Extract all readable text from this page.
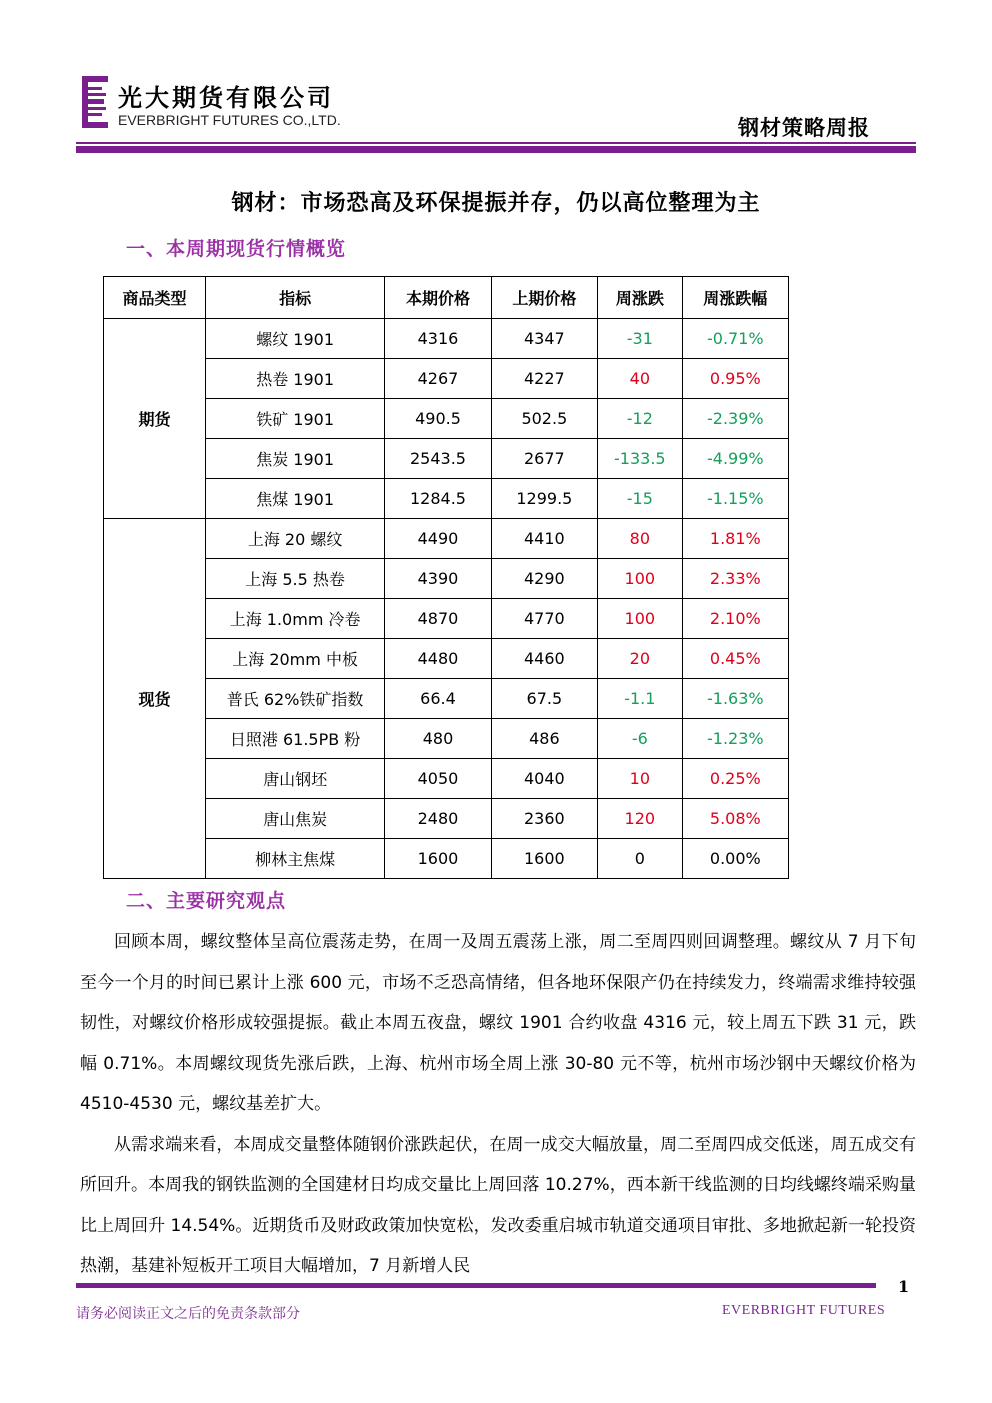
光大期货有限公司
EVERBRIGHT FUTURES CO.,LTD.	钢材策略周报
钢材：市场恐高及环保提振并存，仍以高位整理为主
一、本周期现货行情概览
商品类型	指标	本期价格	上期价格	周涨跌	周涨跌幅
期货	螺纹 1901	4316	4347	-31	-0.71%
	热卷 1901	4267	4227	40	0.95%
	铁矿 1901	490.5	502.5	-12	-2.39%
	焦炭 1901	2543.5	2677	-133.5	-4.99%
	焦煤 1901	1284.5	1299.5	-15	-1.15%
现货	上海 20 螺纹	4490	4410	80	1.81%
	上海 5.5 热卷	4390	4290	100	2.33%
	上海 1.0mm 冷卷	4870	4770	100	2.10%
	上海 20mm 中板	4480	4460	20	0.45%
	普氏 62%铁矿指数	66.4	67.5	-1.1	-1.63%
	日照港 61.5PB 粉	480	486	-6	-1.23%
	唐山钢坯	4050	4040	10	0.25%
	唐山焦炭	2480	2360	120	5.08%
	柳林主焦煤	1600	1600	0	0.00%
二、主要研究观点

回顾本周，螺纹整体呈高位震荡走势，在周一及周五震荡上涨，周二至周四则回调整理。螺纹从 7 月下旬至今一个月的时间已累计上涨 600 元，市场不乏恐高情绪，但各地环保限产仍在持续发力，终端需求维持较强韧性，对螺纹价格形成较强提振。截止本周五夜盘，螺纹 1901 合约收盘 4316 元，较上周五下跌 31 元，跌幅 0.71%。本周螺纹现货先涨后跌，上海、杭州市场全周上涨 30-80 元不等，杭州市场沙钢中天螺纹价格为 4510-4530 元，螺纹基差扩大。

从需求端来看，本周成交量整体随钢价涨跌起伏，在周一成交大幅放量，周二至周四成交低迷，周五成交有所回升。本周我的钢铁监测的全国建材日均成交量比上周回落 10.27%，西本新干线监测的日均线螺终端采购量比上周回升 14.54%。近期货币及财政政策加快宽松，发改委重启城市轨道交通项目审批、多地掀起新一轮投资热潮，基建补短板开工项目大幅增加，7 月新增人民

1
请务必阅读正文之后的免责条款部分	EVERBRIGHT FUTURES
